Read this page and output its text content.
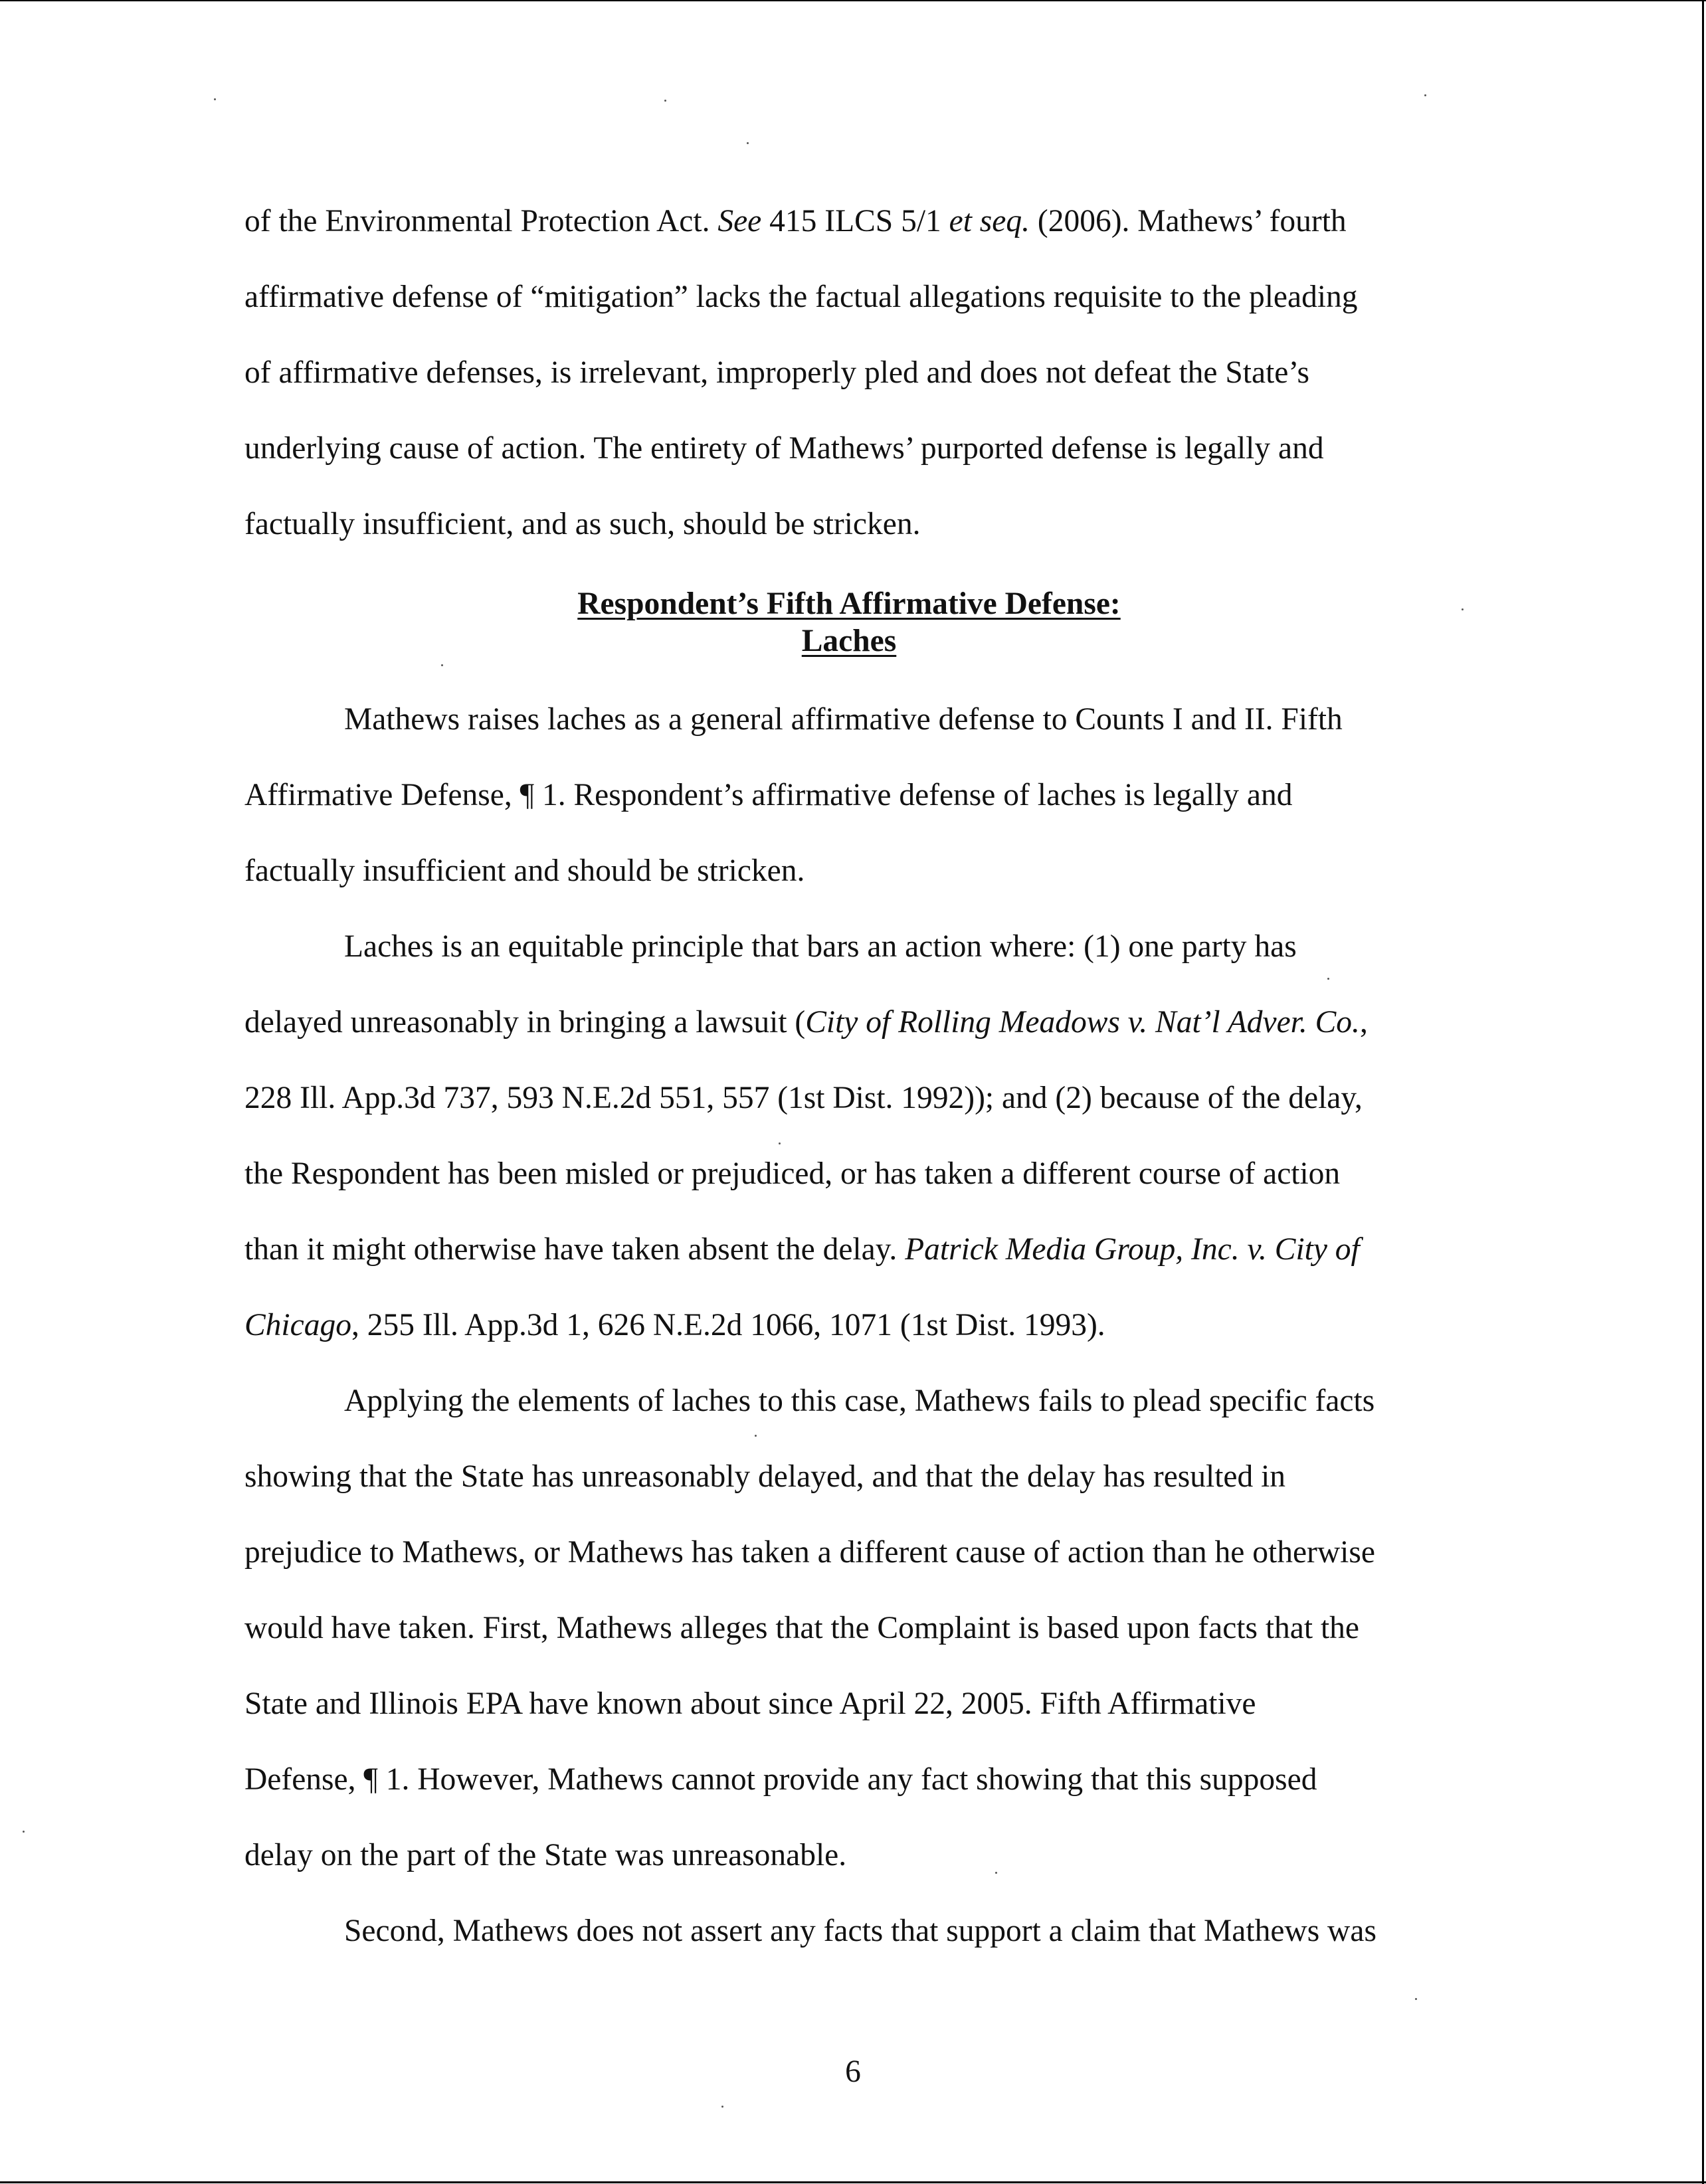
of the Environmental Protection Act. See 415 ILCS 5/1 et seq. (2006). Mathews’ fourth
affirmative defense of “mitigation” lacks the factual allegations requisite to the pleading
of affirmative defenses, is irrelevant, improperly pled and does not defeat the State’s
underlying cause of action. The entirety of Mathews’ purported defense is legally and
factually insufficient, and as such, should be stricken.
Respondent’s Fifth Affirmative Defense:
Laches
Mathews raises laches as a general affirmative defense to Counts I and II. Fifth
Affirmative Defense, ¶ 1. Respondent’s affirmative defense of laches is legally and
factually insufficient and should be stricken.
Laches is an equitable principle that bars an action where: (1) one party has
delayed unreasonably in bringing a lawsuit (City of Rolling Meadows v. Nat’l Adver. Co.,
228 Ill. App.3d 737, 593 N.E.2d 551, 557 (1st Dist. 1992)); and (2) because of the delay,
the Respondent has been misled or prejudiced, or has taken a different course of action
than it might otherwise have taken absent the delay. Patrick Media Group, Inc. v. City of
Chicago, 255 Ill. App.3d 1, 626 N.E.2d 1066, 1071 (1st Dist. 1993).
Applying the elements of laches to this case, Mathews fails to plead specific facts
showing that the State has unreasonably delayed, and that the delay has resulted in
prejudice to Mathews, or Mathews has taken a different cause of action than he otherwise
would have taken. First, Mathews alleges that the Complaint is based upon facts that the
State and Illinois EPA have known about since April 22, 2005. Fifth Affirmative
Defense, ¶ 1. However, Mathews cannot provide any fact showing that this supposed
delay on the part of the State was unreasonable.
Second, Mathews does not assert any facts that support a claim that Mathews was
6
